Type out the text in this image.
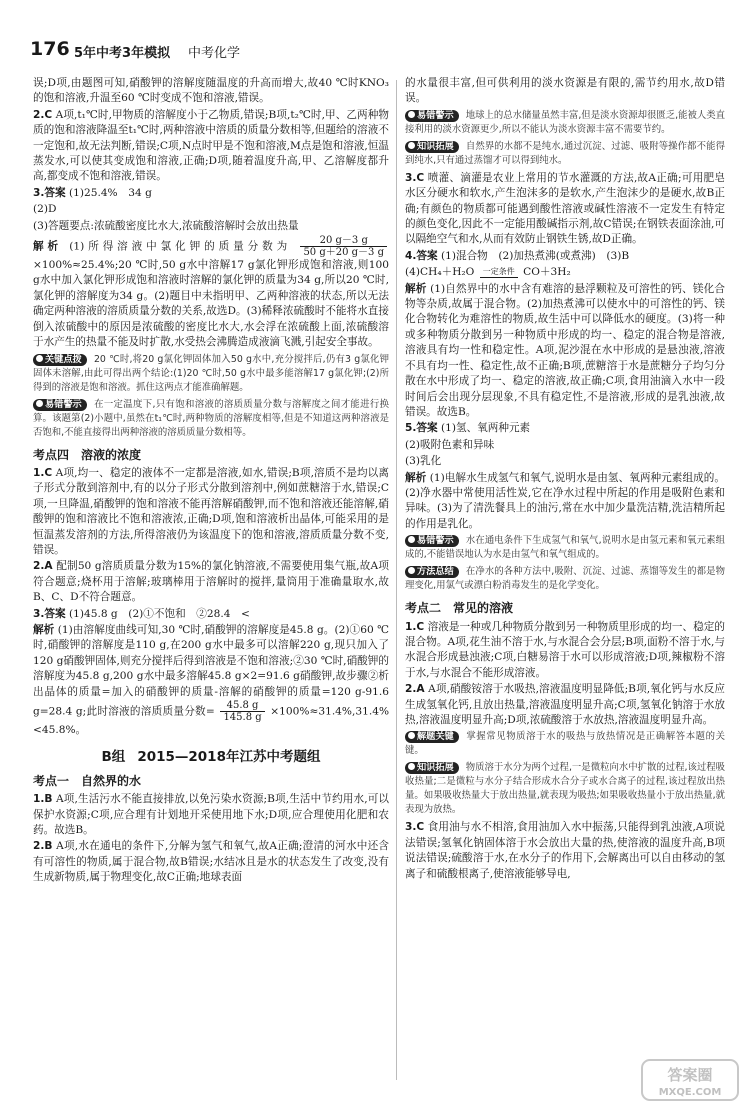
176 5年中考3年模拟 中考化学
误;D项,由题图可知,硝酸钾的溶解度随温度的升高而增大,故40 ℃时KNO₃的饱和溶液,升温至60 ℃时变成不饱和溶液,错误。
2.C A项,t₁℃时,甲物质的溶解度小于乙物质,错误;B项,t₂℃时,甲、乙两种物质的饱和溶液降温至t₁℃时,两种溶液中溶质的质量分数相等,但题给的溶液不一定饱和,故无法判断,错误;C项,N点时甲是不饱和溶液,M点是饱和溶液,恒温蒸发水,可以使其变成饱和溶液,正确;D项,随着温度升高,甲、乙溶解度都升高,都变成不饱和溶液,错误。
3.答案 (1)25.4%　34 g
(2)D
(3)答题要点:浓硫酸密度比水大,浓硫酸溶解时会放出热量
解析 (1)所得溶液中氯化钾的质量分数为 $\frac{20 g-3 g}{50 g+20 g-3 g}$
×100%≈25.4%;20 ℃时,50 g水中溶解17 g氯化钾形成饱和溶液,则100 g水中加入氯化钾形成饱和溶液时溶解的氯化钾的质量为34 g,所以20 ℃时,氯化钾的溶解度为34 g。(2)题目中未指明甲、乙两种溶液的状态,所以无法确定两种溶液的溶质质量分数的关系,故选D。(3)稀释浓硫酸时不能将水直接倒入浓硫酸中的原因是浓硫酸的密度比水大,水会浮在浓硫酸上面,浓硫酸溶于水产生的热量不能及时扩散,水受热会沸腾造成液滴飞溅,引起安全事故。
关键点拨 20 ℃时,将20 g氯化钾固体加入50 g水中,充分搅拌后,仍有3 g氯化钾固体未溶解,由此可得出两个结论:(1)20 ℃时,50 g水中最多能溶解17 g氯化钾;(2)所得到的溶液是饱和溶液。抓住这两点才能准确解题。
易错警示 在一定温度下,只有饱和溶液的溶质质量分数与溶解度之间才能进行换算。该题第(2)小题中,虽然在t₁℃时,两种物质的溶解度相等,但是不知道这两种溶液是否饱和,不能直接得出两种溶液的溶质质量分数相等。
考点四 溶液的浓度
1.C A项,均一、稳定的液体不一定都是溶液,如水,错误;B项,溶质不是均以离子形式分散到溶剂中,有的以分子形式分散到溶剂中,例如蔗糖溶于水,错误;C项,一旦降温,硝酸钾的饱和溶液不能再溶解硝酸钾,而不饱和溶液还能溶解,硝酸钾的饱和溶液比不饱和溶液浓,正确;D项,饱和溶液析出晶体,可能采用的是恒温蒸发溶剂的方法,所得溶液仍为该温度下的饱和溶液,溶质质量分数不变,错误。
2.A 配制50 g溶质质量分数为15%的氯化钠溶液,不需要使用集气瓶,故A项符合题意;烧杯用于溶解;玻璃棒用于溶解时的搅拌,量筒用于准确量取水,故B、C、D不符合题意。
3.答案 (1)45.8 g　(2)①不饱和　②28.4　<
解析 (1)由溶解度曲线可知,30 ℃时,硝酸钾的溶解度是45.8 g。(2)①60 ℃时,硝酸钾的溶解度是110 g,在200 g水中最多可以溶解220 g,现只加入了120 g硝酸钾固体,则充分搅拌后得到溶液是不饱和溶液;②30 ℃时,硝酸钾的溶解度为45.8 g,200 g水中最多溶解45.8 g×2=91.6 g硝酸钾,故步骤②析出晶体的质量=加入的硝酸钾的质量-溶解的硝酸钾的质量=120 g-91.6 g=28.4 g;此时溶液的溶质质量分数= $\frac{45.8 g}{145.8 g} \times 100\%\approx 31.4\%,31.4\%<45.8\%$。
B组 2015—2018年江苏中考题组
考点一 自然界的水
1.B A项,生活污水不能直接排放,以免污染水资源;B项,生活中节约用水,可以保护水资源;C项,应合理有计划地开采使用地下水;D项,应合理使用化肥和农药。故选B。
2.B A项,水在通电的条件下,分解为氢气和氧气,故A正确;澄清的河水中还含有可溶性的物质,属于混合物,故B错误;水结冰且是水的状态发生了改变,没有生成新物质,属于物理变化,故C正确;地球表面
的水量很丰富,但可供利用的淡水资源是有限的,需节约用水,故D错误。
易错警示 地球上的总水储量虽然丰富,但是淡水资源却很匮乏,能被人类直接利用的淡水资源更少,所以不能认为淡水资源丰富不需要节约。
知识拓展 自然界的水都不是纯水,通过沉淀、过滤、吸附等操作都不能得到纯水,只有通过蒸馏才可以得到纯水。
3.C 喷灌、滴灌是农业上常用的节水灌溉的方法,故A正确;可用肥皂水区分硬水和软水,产生泡沫多的是软水,产生泡沫少的是硬水,故B正确;有颜色的物质都可能遇到酸性溶液或碱性溶液不一定发生有特定的颜色变化,因此不一定能用酸碱指示剂,故C错误;在钢铁表面涂油,可以隔绝空气和水,从而有效防止钢铁生锈,故D正确。
4.答案 (1)混合物　(2)加热煮沸(或煮沸)　(3)B
(4)CH₄＋H₂O	一定条件 CO＋3H₂
解析 (1)自然界中的水中含有难溶的悬浮颗粒及可溶性的钙、镁化合物等杂质,故属于混合物。(2)加热煮沸可以使水中的可溶性的钙、镁化合物转化为难溶性的物质,故生活中可以降低水的硬度。(3)将一种或多种物质分散到另一种物质中形成的均一、稳定的混合物是溶液,溶液具有均一性和稳定性。A项,泥沙混在水中形成的是悬浊液,溶液不具有均一性、稳定性,故不正确;B项,蔗糖溶于水是蔗糖分子均匀分散在水中形成了均一、稳定的溶液,故正确;C项,食用油滴入水中一段时间后会出现分层现象,不具有稳定性,不是溶液,形成的是乳浊液,故错误。故选B。
5.答案 (1)氢、氧两种元素
(2)吸附色素和异味
(3)乳化
解析 (1)电解水生成氢气和氧气,说明水是由氢、氧两种元素组成的。(2)净水器中常使用活性炭,它在净水过程中所起的作用是吸附色素和异味。(3)为了清洗餐具上的油污,常在水中加少量洗洁精,洗洁精所起的作用是乳化。
易错警示 水在通电条件下生成氢气和氧气,说明水是由氢元素和氧元素组成的,不能错误地认为水是由氢气和氧气组成的。
方法总结 在净水的各种方法中,吸附、沉淀、过滤、蒸馏等发生的都是物理变化,用氯气或漂白粉消毒发生的是化学变化。
考点二 常见的溶液
1.C 溶液是一种或几种物质分散到另一种物质里形成的均一、稳定的混合物。A项,花生油不溶于水,与水混合会分层;B项,面粉不溶于水,与水混合形成悬浊液;C项,白糖易溶于水可以形成溶液;D项,辣椒粉不溶于水,与水混合不能形成溶液。
2.A A项,硝酸铵溶于水吸热,溶液温度明显降低;B项,氧化钙与水反应生成氢氧化钙,且放出热量,溶液温度明显升高;C项,氢氧化钠溶于水放热,溶液温度明显升高;D项,浓硫酸溶于水放热,溶液温度明显升高。
解题关键 掌握常见物质溶于水的吸热与放热情况是正确解答本题的关键。
知识拓展 物质溶于水分为两个过程,一是微粒向水中扩散的过程,该过程吸收热量;二是微粒与水分子结合形成水合分子或水合离子的过程,该过程放出热量。如果吸收热量大于放出热量,就表现为吸热;如果吸收热量小于放出热量,就表现为放热。
3.C 食用油与水不相溶,食用油加入水中振荡,只能得到乳浊液,A项说法错误;氢氧化钠固体溶于水会放出大量的热,使溶液的温度升高,B项说法错误;硫酸溶于水,在水分子的作用下,会解离出可以自由移动的氢离子和硫酸根离子,使溶液能够导电,
答案圈
MXQE.COM
